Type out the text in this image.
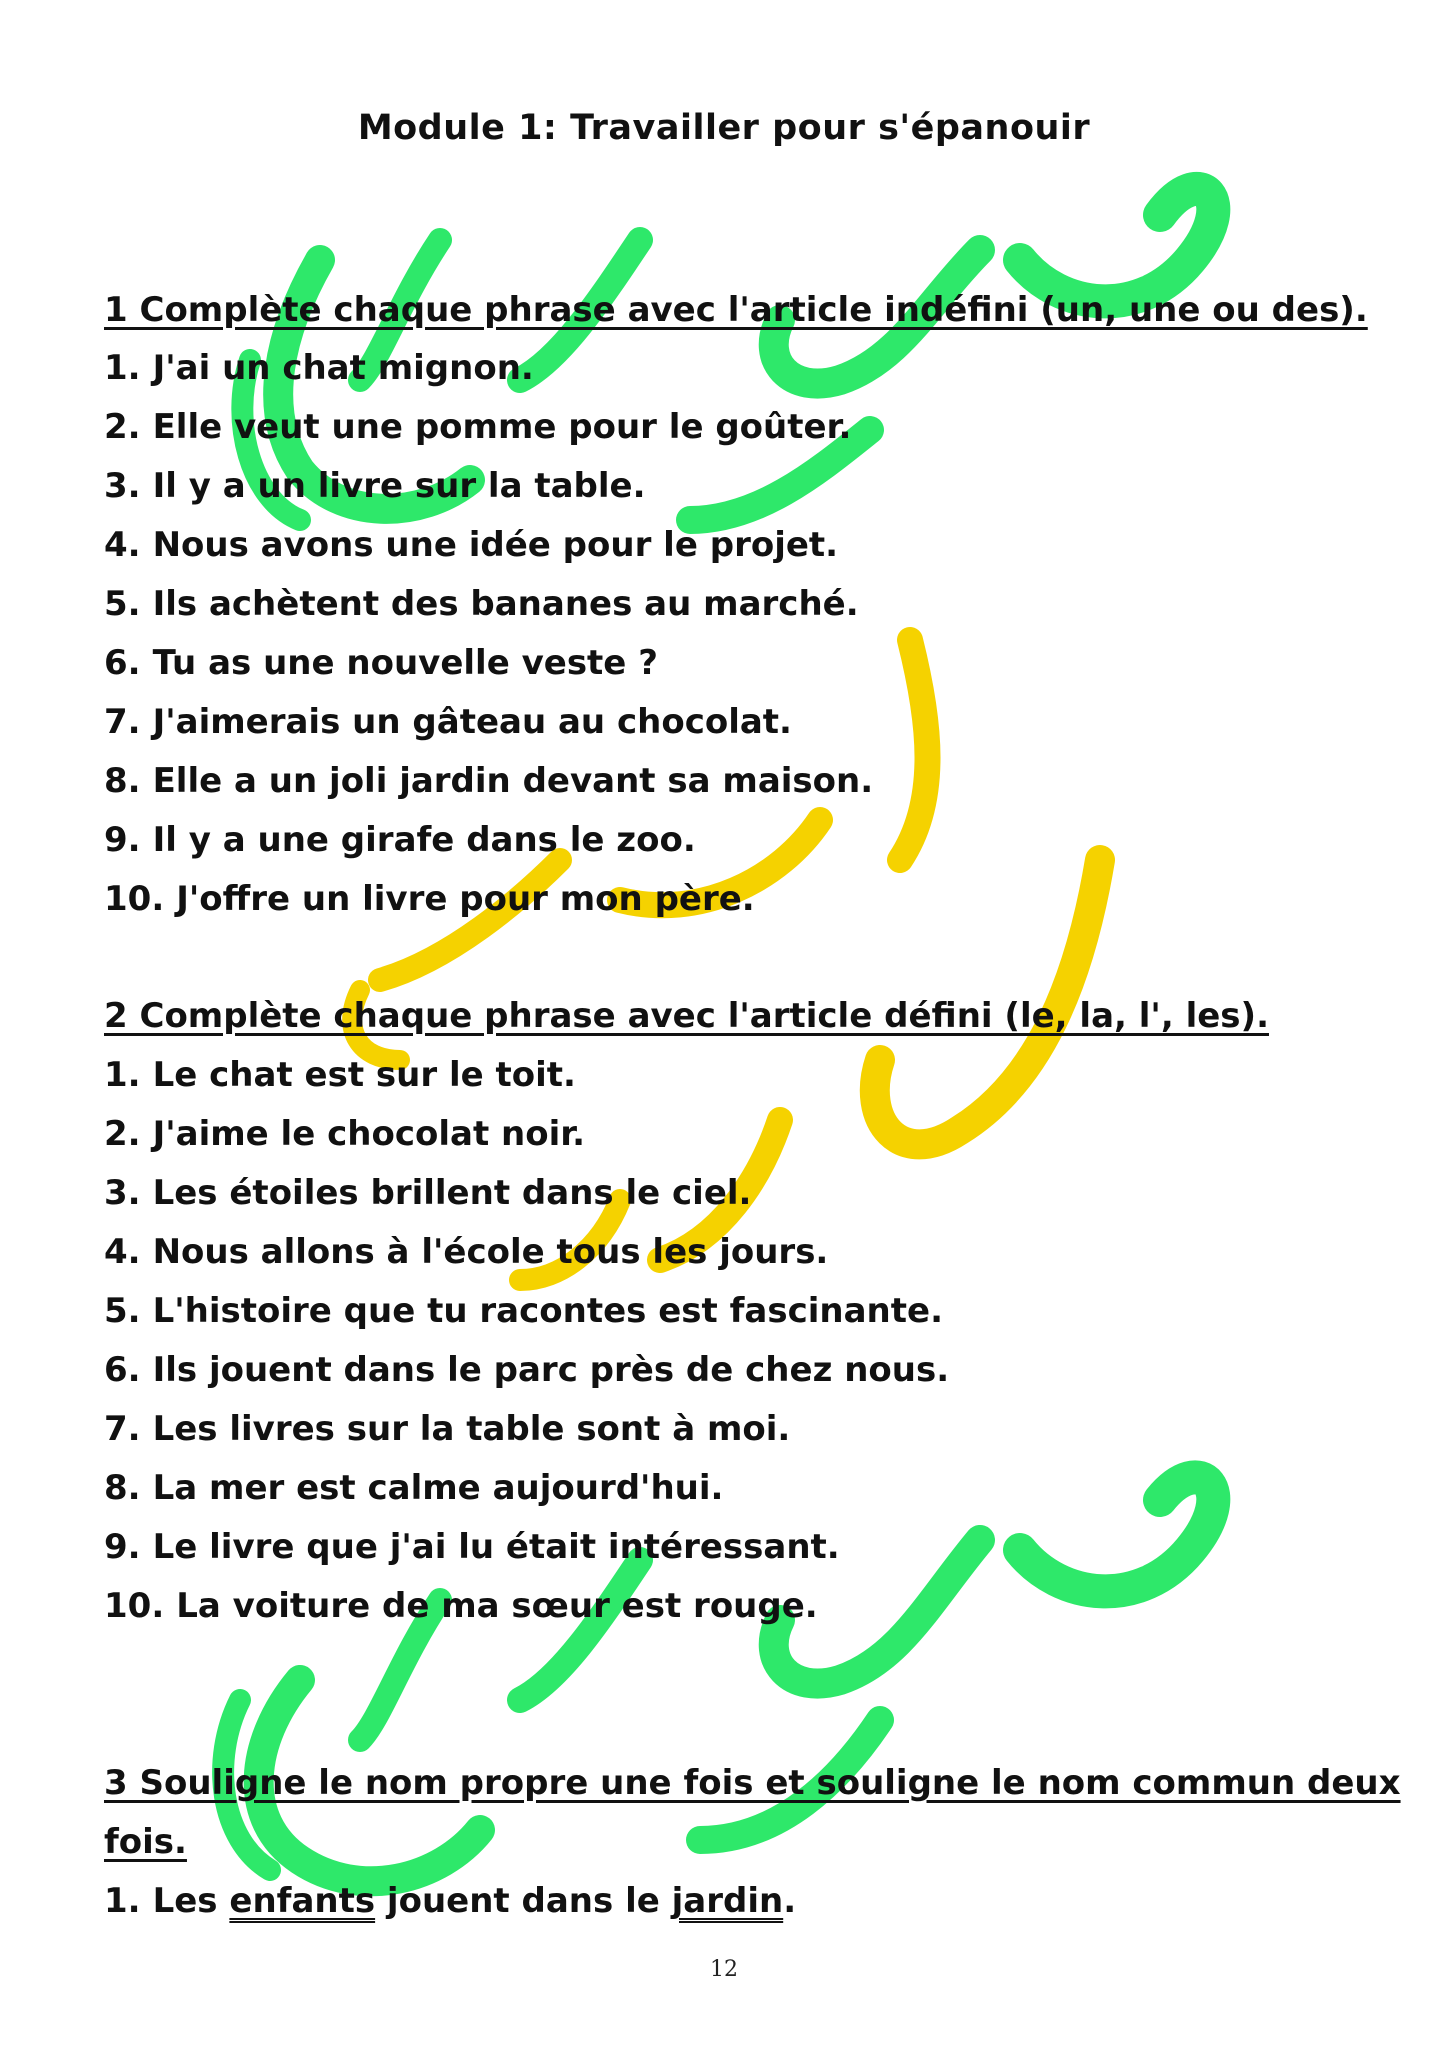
Module 1: Travailler pour s'épanouir
1 Complète chaque phrase avec l'article indéfini (un, une ou des).
1. J'ai un chat mignon.
2. Elle veut une pomme pour le goûter.
3. Il y a un livre sur la table.
4. Nous avons une idée pour le projet.
5. Ils achètent des bananes au marché.
6. Tu as une nouvelle veste ?
7. J'aimerais un gâteau au chocolat.
8. Elle a un joli jardin devant sa maison.
9. Il y a une girafe dans le zoo.
10. J'offre un livre pour mon père.
2 Complète chaque phrase avec l'article défini (le, la, l', les).
1. Le chat est sur le toit.
2. J'aime le chocolat noir.
3. Les étoiles brillent dans le ciel.
4. Nous allons à l'école tous les jours.
5. L'histoire que tu racontes est fascinante.
6. Ils jouent dans le parc près de chez nous.
7. Les livres sur la table sont à moi.
8. La mer est calme aujourd'hui.
9. Le livre que j'ai lu était intéressant.
10. La voiture de ma sœur est rouge.
3 Souligne le nom propre une fois et souligne le nom commun deux
fois.
1. Les enfants jouent dans le jardin.
12
